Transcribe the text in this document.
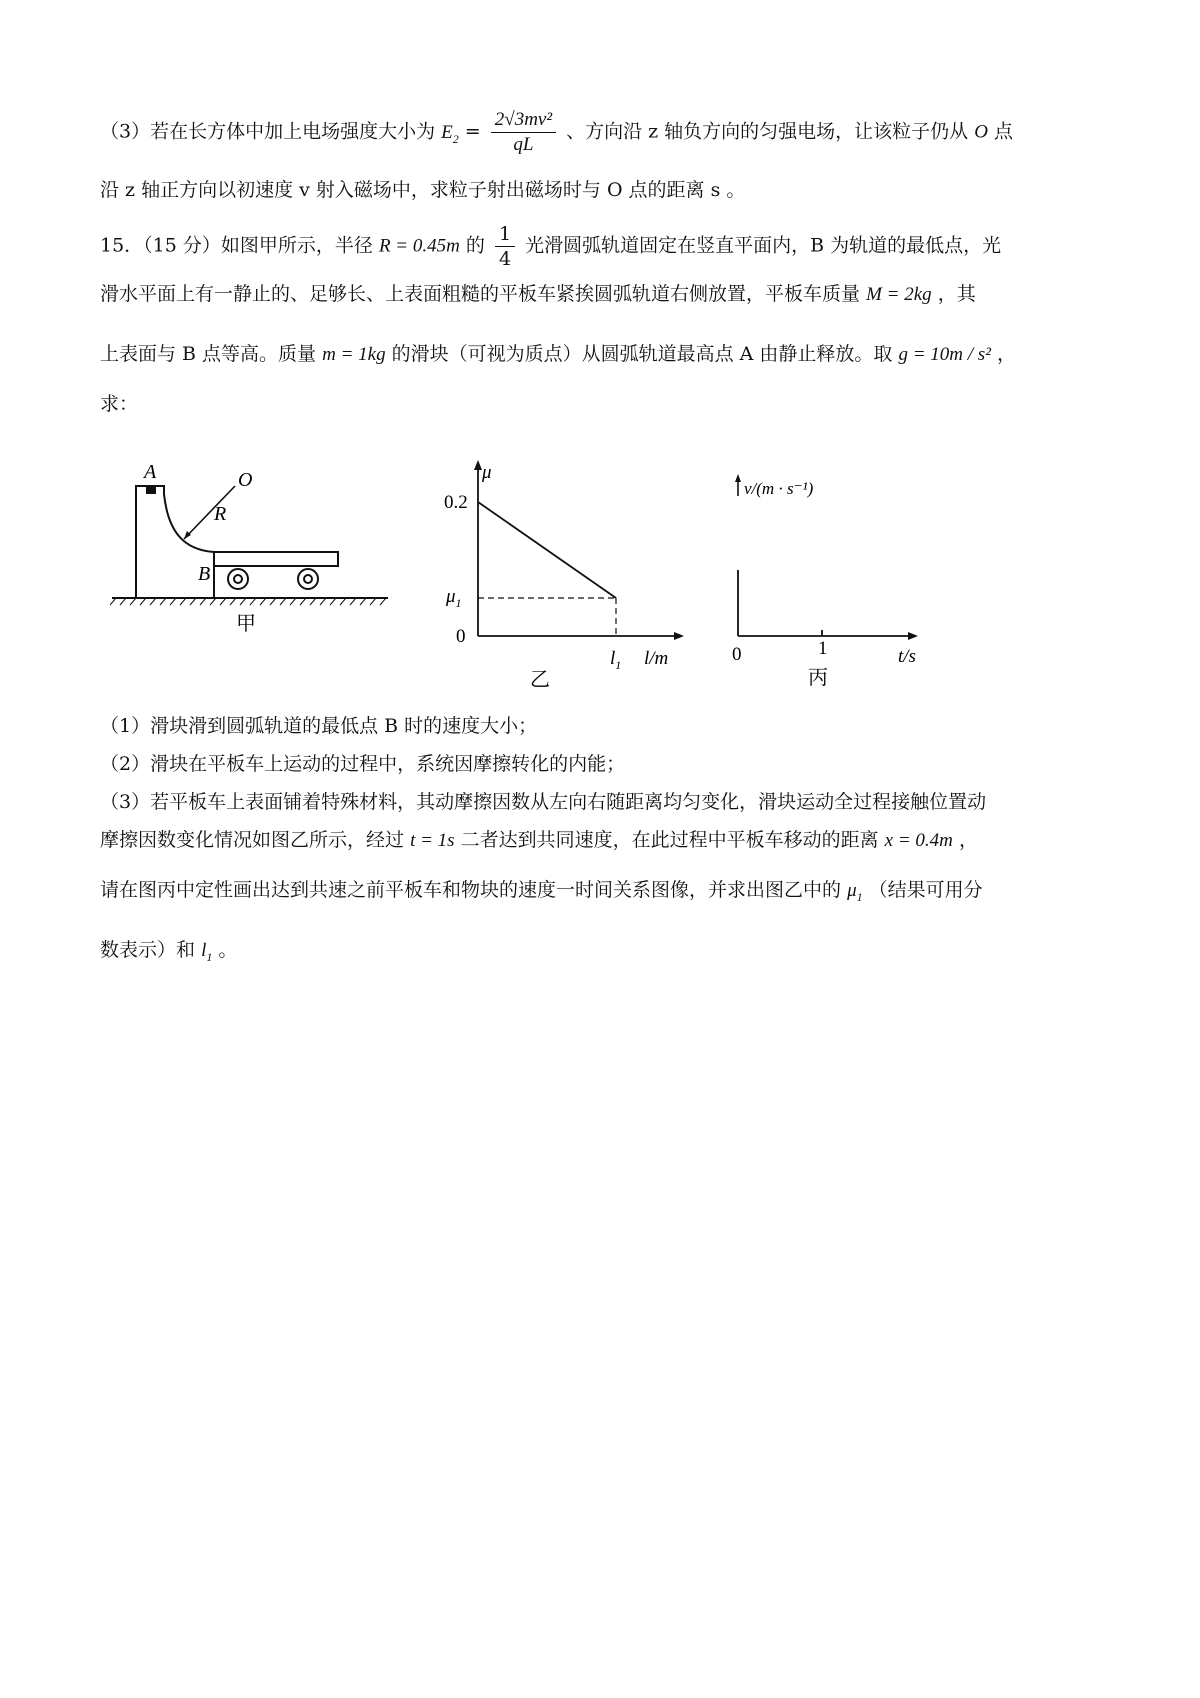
（3）若在长方体中加上电场强度大小为 $E_2 = \frac{\text{2√3mv²}}{qL}$ 、方向沿 z 轴负方向的匀强电场，让该粒子仍从 O 点
沿 z 轴正方向以初速度 v 射入磁场中，求粒子射出磁场时与 O 点的距离 s 。
15．（15 分）如图甲所示，半径 R = 0.45m 的 $\frac{1}{4}$ 光滑圆弧轨道固定在竖直平面内，B 为轨道的最低点，光
滑水平面上有一静止的、足够长、上表面粗糙的平板车紧挨圆弧轨道右侧放置，平板车质量 M = 2kg ，其
上表面与 B 点等高。质量 m = 1kg 的滑块（可视为质点）从圆弧轨道最高点 A 由静止释放。取 g = 10m / s² ，
求：
A	O
R
B
甲
μ
0.2
$\mu_1$
0
$l_1$ l/m
乙
v/(m · s⁻¹)
0	1	t/s
丙
（1）滑块滑到圆弧轨道的最低点 B 时的速度大小；
（2）滑块在平板车上运动的过程中，系统因摩擦转化的内能；
（3）若平板车上表面铺着特殊材料，其动摩擦因数从左向右随距离均匀变化，滑块运动全过程接触位置动
摩擦因数变化情况如图乙所示，经过 t = 1s 二者达到共同速度，在此过程中平板车移动的距离 x = 0.4m ，
请在图丙中定性画出达到共速之前平板车和物块的速度一时间关系图像，并求出图乙中的 $\mu_1$ （结果可用分
数表示）和 $l_1$ 。
